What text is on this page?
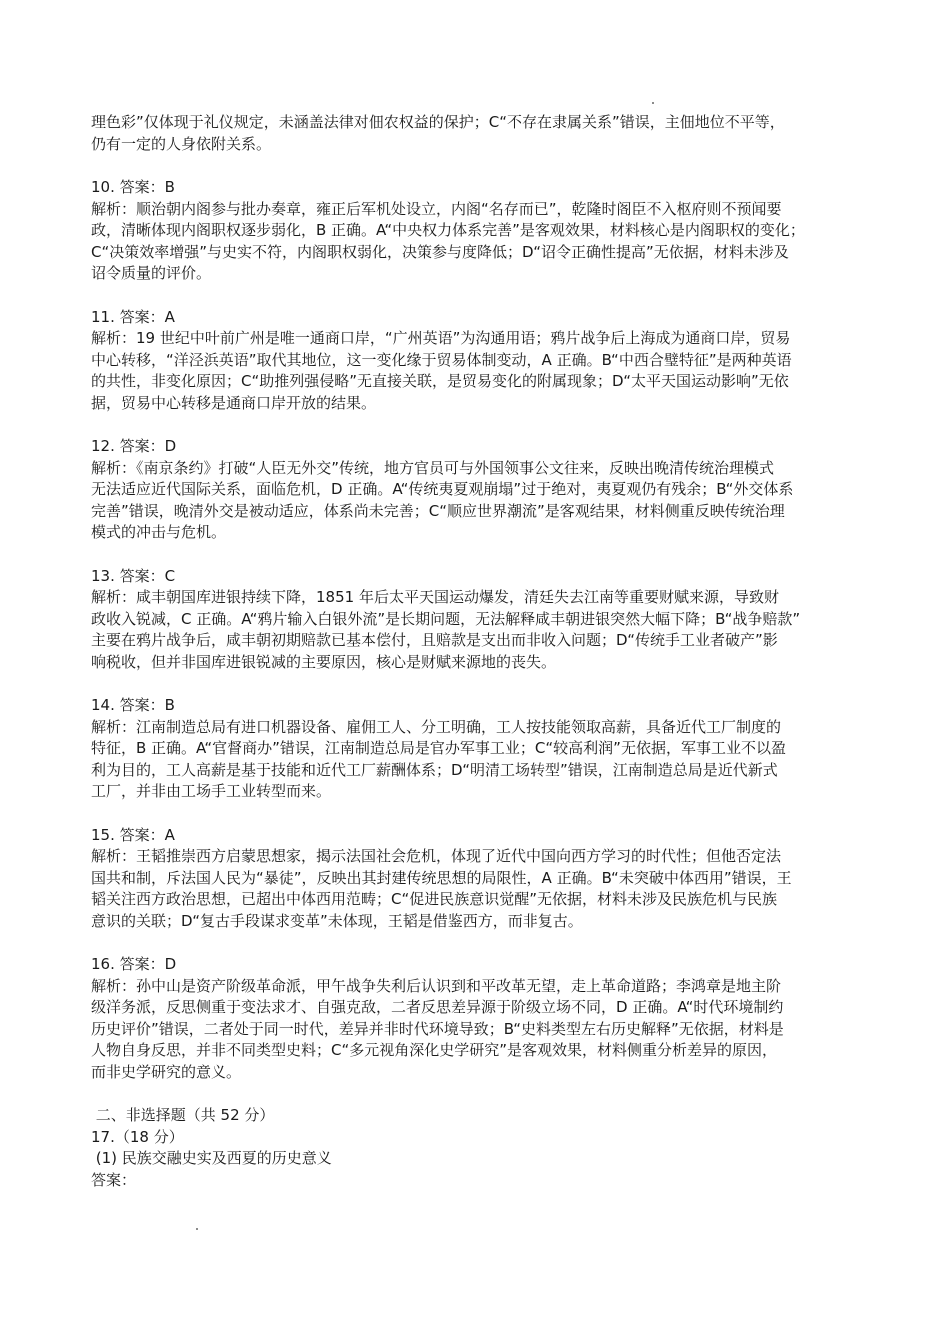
理色彩”仅体现于礼仪规定，未涵盖法律对佃农权益的保护；C“不存在隶属关系”错误，主佃地位不平等，

仍有一定的人身依附关系。

10. 答案：B

解析：顺治朝内阁参与批办奏章，雍正后军机处设立，内阁“名存而已”，乾隆时阁臣不入枢府则不预闻要

政，清晰体现内阁职权逐步弱化，B 正确。A“中央权力体系完善”是客观效果，材料核心是内阁职权的变化；

C“决策效率增强”与史实不符，内阁职权弱化，决策参与度降低；D“诏令正确性提高”无依据，材料未涉及

诏令质量的评价。

11. 答案：A

解析：19 世纪中叶前广州是唯一通商口岸，“广州英语”为沟通用语；鸦片战争后上海成为通商口岸，贸易

中心转移，“洋泾浜英语”取代其地位，这一变化缘于贸易体制变动，A 正确。B“中西合璧特征”是两种英语

的共性，非变化原因；C“助推列强侵略”无直接关联，是贸易变化的附属现象；D“太平天国运动影响”无依

据，贸易中心转移是通商口岸开放的结果。

12. 答案：D

解析：《南京条约》打破“人臣无外交”传统，地方官员可与外国领事公文往来，反映出晚清传统治理模式

无法适应近代国际关系，面临危机，D 正确。A“传统夷夏观崩塌”过于绝对，夷夏观仍有残余；B“外交体系

完善”错误，晚清外交是被动适应，体系尚未完善；C“顺应世界潮流”是客观结果，材料侧重反映传统治理

模式的冲击与危机。

13. 答案：C

解析：咸丰朝国库进银持续下降，1851 年后太平天国运动爆发，清廷失去江南等重要财赋来源，导致财

政收入锐减，C 正确。A“鸦片输入白银外流”是长期问题，无法解释咸丰朝进银突然大幅下降；B“战争赔款”

主要在鸦片战争后，咸丰朝初期赔款已基本偿付，且赔款是支出而非收入问题；D“传统手工业者破产”影

响税收，但并非国库进银锐减的主要原因，核心是财赋来源地的丧失。

14. 答案：B

解析：江南制造总局有进口机器设备、雇佣工人、分工明确，工人按技能领取高薪，具备近代工厂制度的

特征，B 正确。A“官督商办”错误，江南制造总局是官办军事工业；C“较高利润”无依据，军事工业不以盈

利为目的，工人高薪是基于技能和近代工厂薪酬体系；D“明清工场转型”错误，江南制造总局是近代新式

工厂，并非由工场手工业转型而来。

15. 答案：A

解析：王韬推崇西方启蒙思想家，揭示法国社会危机，体现了近代中国向西方学习的时代性；但他否定法

国共和制，斥法国人民为“暴徒”，反映出其封建传统思想的局限性，A 正确。B“未突破中体西用”错误，王

韬关注西方政治思想，已超出中体西用范畴；C“促进民族意识觉醒”无依据，材料未涉及民族危机与民族

意识的关联；D“复古手段谋求变革”未体现，王韬是借鉴西方，而非复古。

16. 答案：D

解析：孙中山是资产阶级革命派，甲午战争失利后认识到和平改革无望，走上革命道路；李鸿章是地主阶

级洋务派，反思侧重于变法求才、自强克敌，二者反思差异源于阶级立场不同，D 正确。A“时代环境制约

历史评价”错误，二者处于同一时代，差异并非时代环境导致；B“史料类型左右历史解释”无依据，材料是

人物自身反思，并非不同类型史料；C“多元视角深化史学研究”是客观效果，材料侧重分析差异的原因，

而非史学研究的意义。

二、非选择题（共 52 分）

17.（18 分）

(1) 民族交融史实及西夏的历史意义

答案：
